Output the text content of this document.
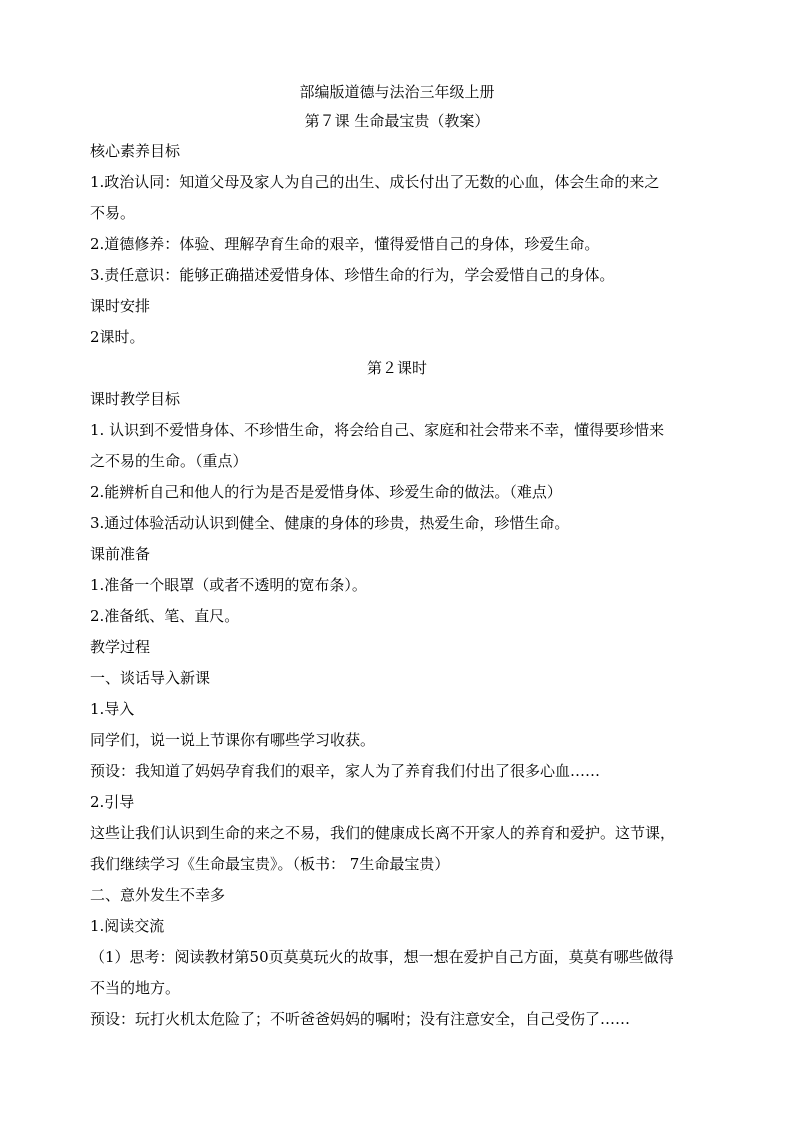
部编版道德与法治三年级上册
第７课 生命最宝贵（教案）
核心素养目标
1.政治认同：知道父母及家人为自己的出生、成长付出了无数的心血，体会生命的来之
不易。
2.道德修养：体验、理解孕育生命的艰辛，懂得爱惜自己的身体，珍爱生命。
3.责任意识：能够正确描述爱惜身体、珍惜生命的行为，学会爱惜自己的身体。
课时安排
2课时。
第２课时
课时教学目标
1. 认识到不爱惜身体、不珍惜生命，将会给自己、家庭和社会带来不幸，懂得要珍惜来
之不易的生命。（重点）
2.能辨析自己和他人的行为是否是爱惜身体、珍爱生命的做法。（难点）
3.通过体验活动认识到健全、健康的身体的珍贵，热爱生命，珍惜生命。
课前准备
1.准备一个眼罩（或者不透明的宽布条）。
2.准备纸、笔、直尺。
教学过程
一、谈话导入新课
1.导入
同学们，说一说上节课你有哪些学习收获。
预设：我知道了妈妈孕育我们的艰辛，家人为了养育我们付出了很多心血……
2.引导
这些让我们认识到生命的来之不易，我们的健康成长离不开家人的养育和爱护。这节课，
我们继续学习《生命最宝贵》。（板书： 7生命最宝贵）
二、意外发生不幸多
1.阅读交流
（1）思考：阅读教材第50页莫莫玩火的故事，想一想在爱护自己方面，莫莫有哪些做得
不当的地方。
预设：玩打火机太危险了；不听爸爸妈妈的嘱咐；没有注意安全，自己受伤了……
